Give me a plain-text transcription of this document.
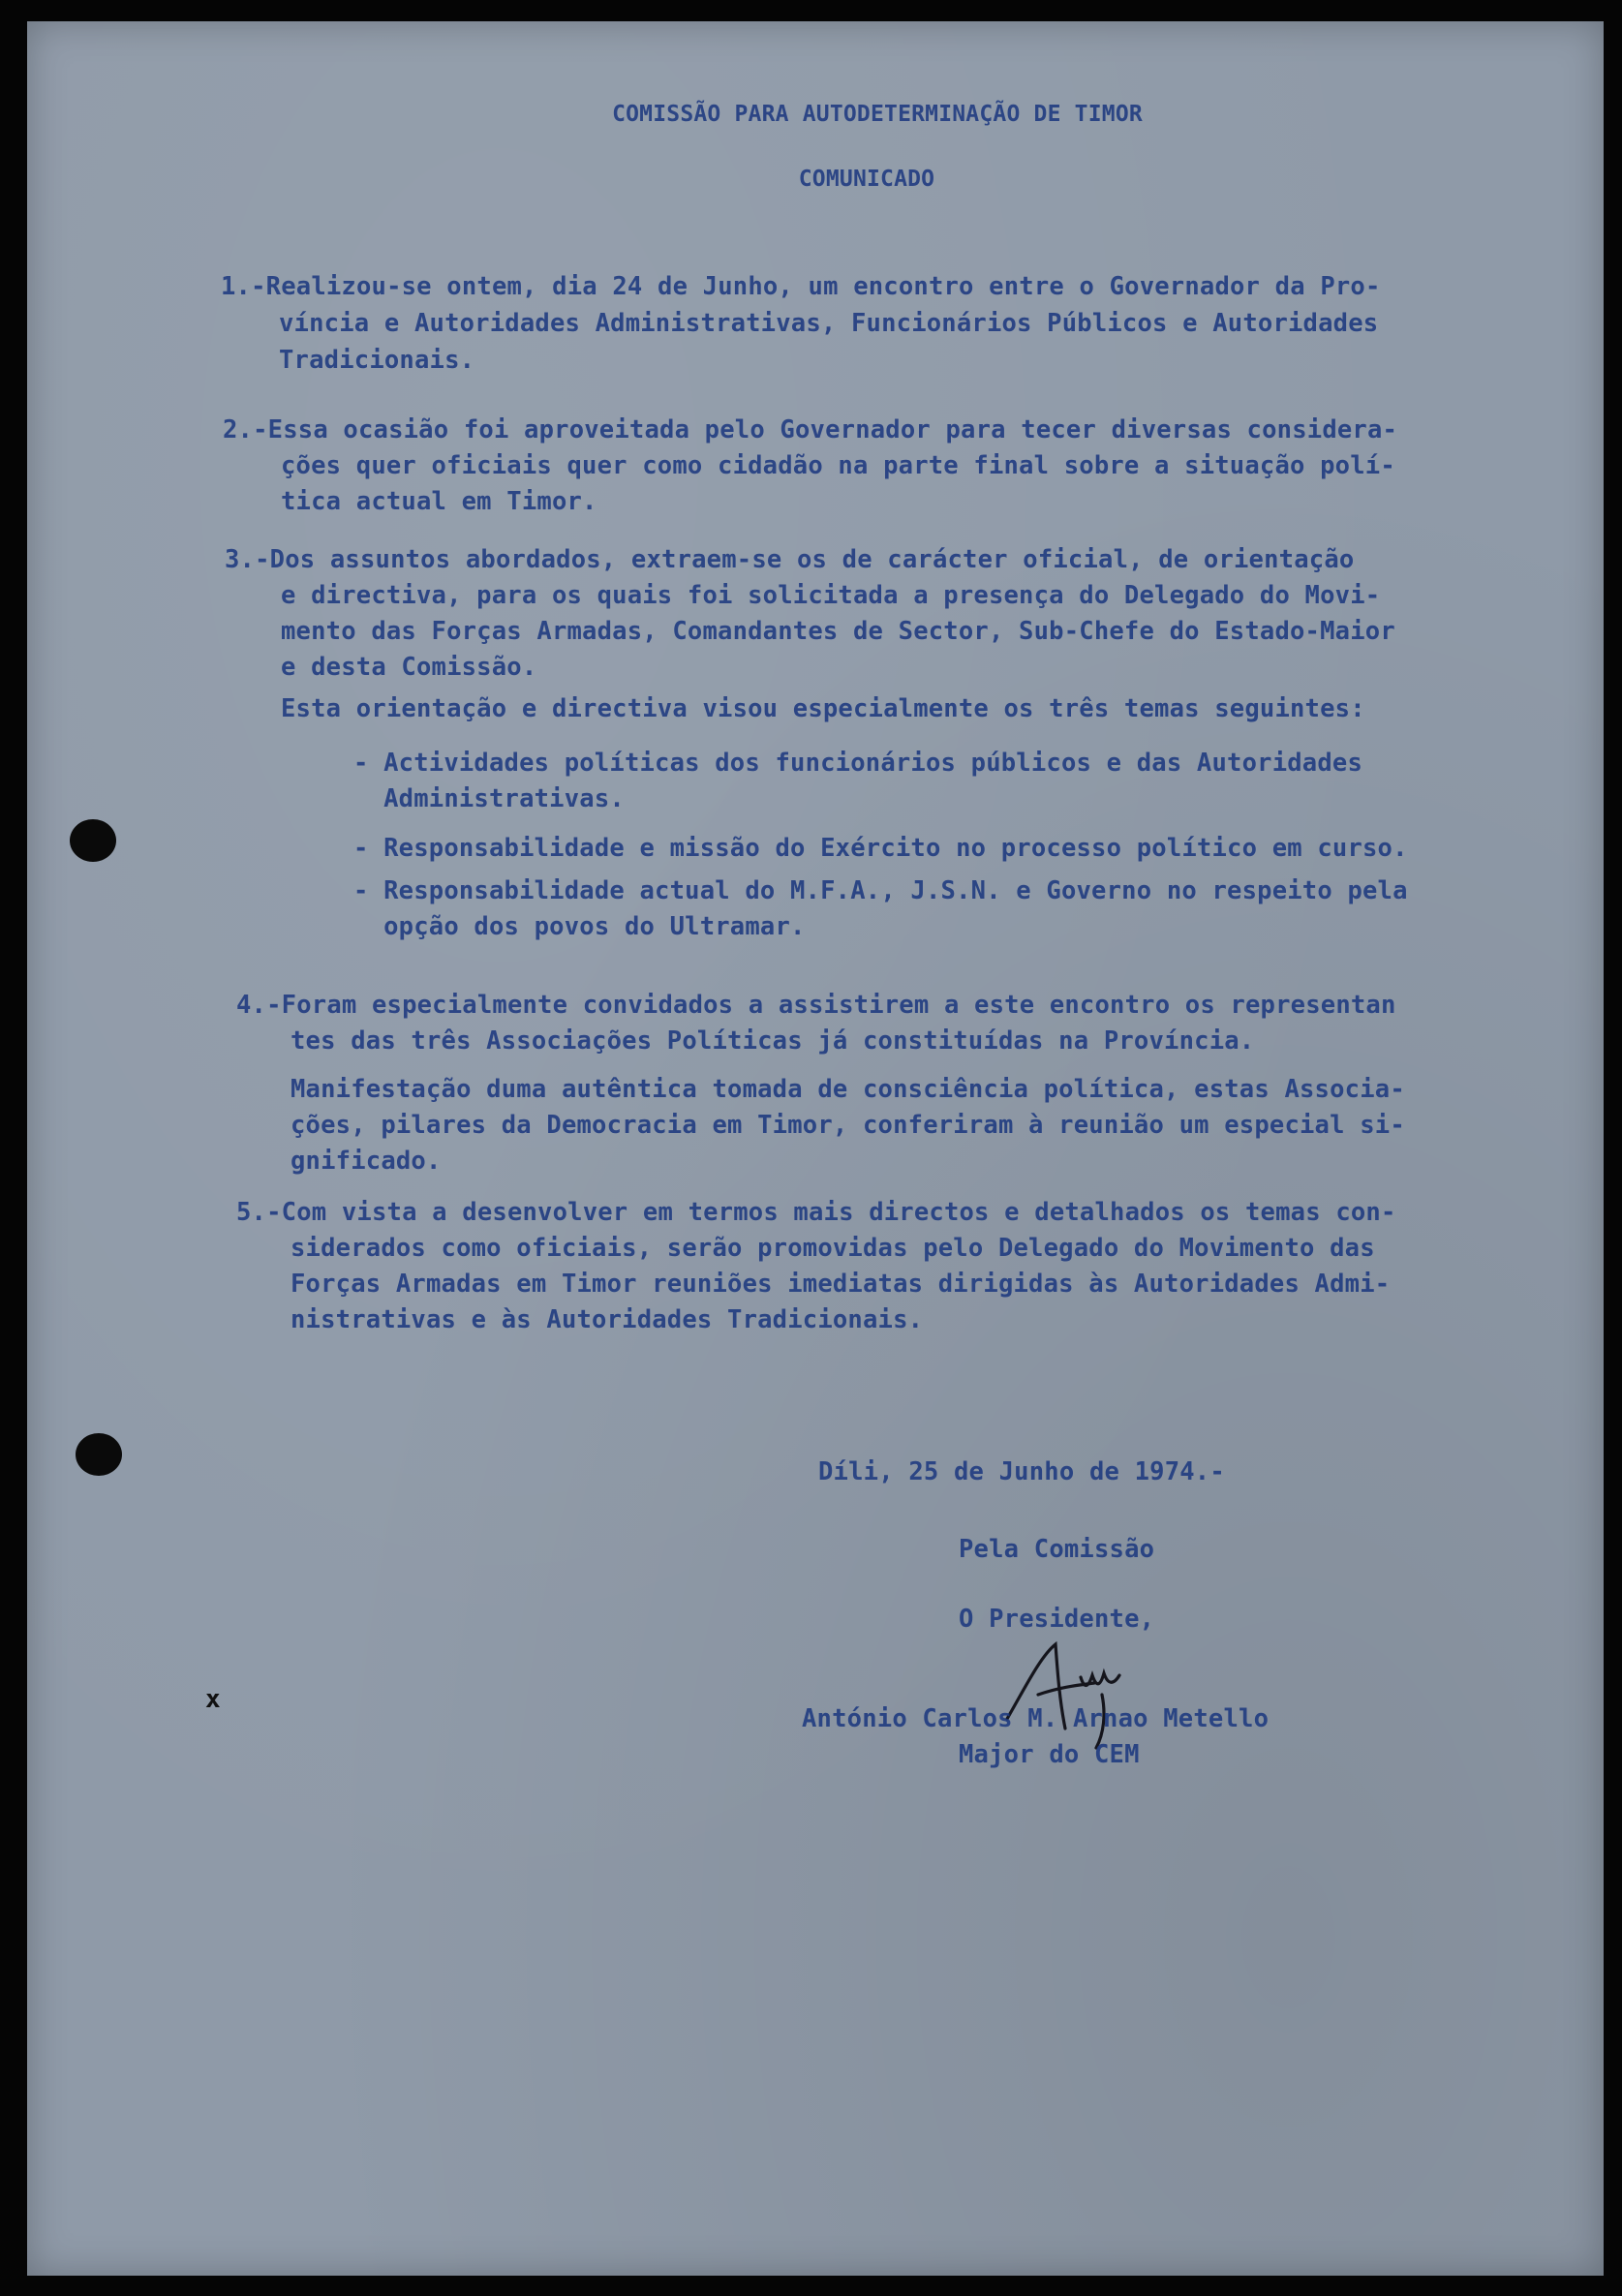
COMISSÃO PARA AUTODETERMINAÇÃO DE TIMOR
COMUNICADO
1.-Realizou-se ontem, dia 24 de Junho, um encontro entre o Governador da Pro-
víncia e Autoridades Administrativas, Funcionários Públicos e Autoridades
Tradicionais.
2.-Essa ocasião foi aproveitada pelo Governador para tecer diversas considera-
ções quer oficiais quer como cidadão na parte final sobre a situação polí-
tica actual em Timor.
3.-Dos assuntos abordados, extraem-se os de carácter oficial, de orientação
e directiva, para os quais foi solicitada a presença do Delegado do Movi-
mento das Forças Armadas, Comandantes de Sector, Sub-Chefe do Estado-Maior
e desta Comissão.
Esta orientação e directiva visou especialmente os três temas seguintes:
- Actividades políticas dos funcionários públicos e das Autoridades
Administrativas.
- Responsabilidade e missão do Exército no processo político em curso.
- Responsabilidade actual do M.F.A., J.S.N. e Governo no respeito pela
opção dos povos do Ultramar.
4.-Foram especialmente convidados a assistirem a este encontro os representan
tes das três Associações Políticas já constituídas na Província.
Manifestação duma autêntica tomada de consciência política, estas Associa-
ções, pilares da Democracia em Timor, conferiram à reunião um especial si-
gnificado.
5.-Com vista a desenvolver em termos mais directos e detalhados os temas con-
siderados como oficiais, serão promovidas pelo Delegado do Movimento das
Forças Armadas em Timor reuniões imediatas dirigidas às Autoridades Admi-
nistrativas e às Autoridades Tradicionais.
Díli, 25 de Junho de 1974.-
Pela Comissão
O Presidente,
António Carlos M. Arnao Metello
Major do CEM
x
